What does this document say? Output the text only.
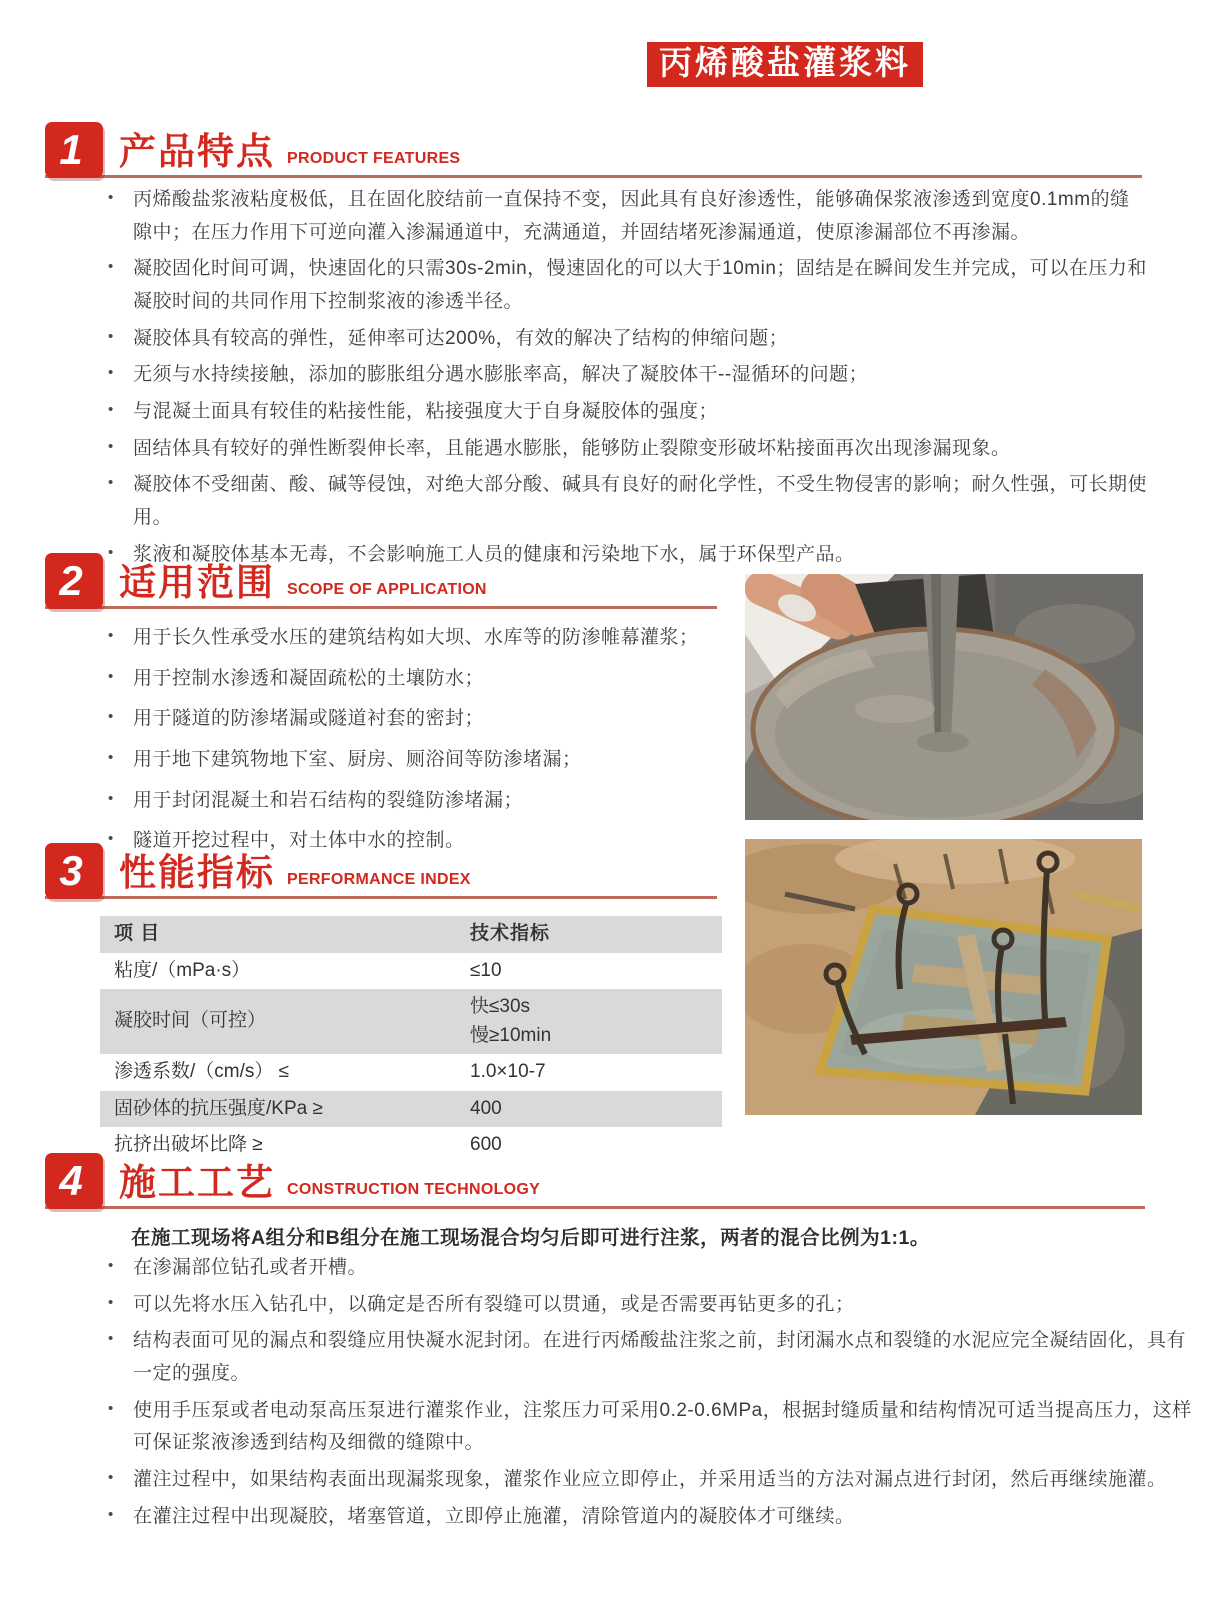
丙烯酸盐灌浆料
1 产品特点 PRODUCT FEATURES
• 丙烯酸盐浆液粘度极低，且在固化胶结前一直保持不变，因此具有良好渗透性，能够确保浆液渗透到宽度0.1mm的缝隙中；在压力作用下可逆向灌入渗漏通道中，充满通道，并固结堵死渗漏通道，使原渗漏部位不再渗漏。
• 凝胶固化时间可调，快速固化的只需30s-2min，慢速固化的可以大于10min；固结是在瞬间发生并完成，可以在压力和凝胶时间的共同作用下控制浆液的渗透半径。
• 凝胶体具有较高的弹性，延伸率可达200%，有效的解决了结构的伸缩问题；
• 无须与水持续接触，添加的膨胀组分遇水膨胀率高，解决了凝胶体干--湿循环的问题；
• 与混凝土面具有较佳的粘接性能，粘接强度大于自身凝胶体的强度；
• 固结体具有较好的弹性断裂伸长率，且能遇水膨胀，能够防止裂隙变形破坏粘接面再次出现渗漏现象。
• 凝胶体不受细菌、酸、碱等侵蚀，对绝大部分酸、碱具有良好的耐化学性，不受生物侵害的影响；耐久性强，可长期使用。
• 浆液和凝胶体基本无毒，不会影响施工人员的健康和污染地下水，属于环保型产品。
2 适用范围 SCOPE OF APPLICATION
• 用于长久性承受水压的建筑结构如大坝、水库等的防渗帷幕灌浆；
• 用于控制水渗透和凝固疏松的土壤防水；
• 用于隧道的防渗堵漏或隧道衬套的密封；
• 用于地下建筑物地下室、厨房、厕浴间等防渗堵漏；
• 用于封闭混凝土和岩石结构的裂缝防渗堵漏；
• 隧道开挖过程中，对土体中水的控制。
3 性能指标 PERFORMANCE INDEX
项 目	技术指标
粘度/（mPa·s）	≤10
凝胶时间（可控）	快≤30s
慢≥10min

渗透系数/（cm/s） ≤	1.0×10-7
固砂体的抗压强度/KPa ≥	400
抗挤出破坏比降 ≥	600
4 施工工艺 CONSTRUCTION TECHNOLOGY
在施工现场将A组分和B组分在施工现场混合均匀后即可进行注浆，两者的混合比例为1:1。
• 在渗漏部位钻孔或者开槽。
• 可以先将水压入钻孔中，以确定是否所有裂缝可以贯通，或是否需要再钻更多的孔；
• 结构表面可见的漏点和裂缝应用快凝水泥封闭。在进行丙烯酸盐注浆之前，封闭漏水点和裂缝的水泥应完全凝结固化，具有一定的强度。
• 使用手压泵或者电动泵高压泵进行灌浆作业，注浆压力可采用0.2-0.6MPa，根据封缝质量和结构情况可适当提高压力，这样可保证浆液渗透到结构及细微的缝隙中。
• 灌注过程中，如果结构表面出现漏浆现象，灌浆作业应立即停止，并采用适当的方法对漏点进行封闭，然后再继续施灌。
• 在灌注过程中出现凝胶，堵塞管道，立即停止施灌，清除管道内的凝胶体才可继续。
